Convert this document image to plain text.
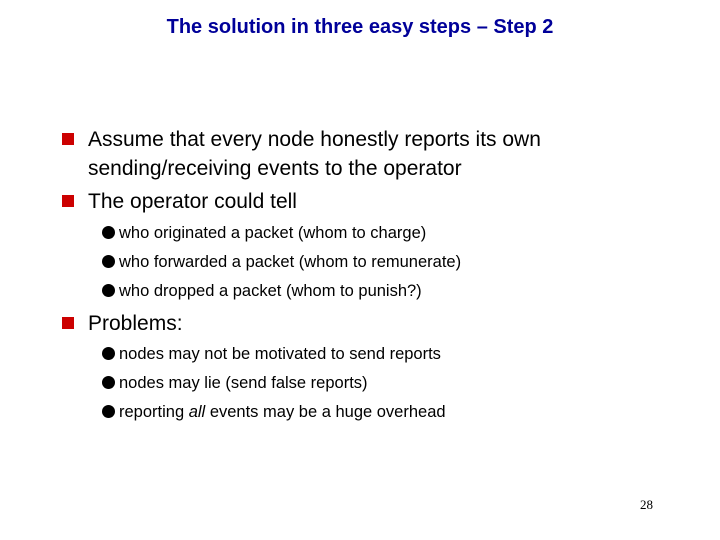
The solution in three easy steps – Step 2
Assume that every node honestly reports its own
sending/receiving events to the operator
The operator could tell
who originated a packet (whom to charge)
who forwarded a packet (whom to remunerate)
who dropped a packet (whom to punish?)
Problems:
nodes may not be motivated to send reports
nodes may lie (send false reports)
reporting all events may be a huge overhead
28
